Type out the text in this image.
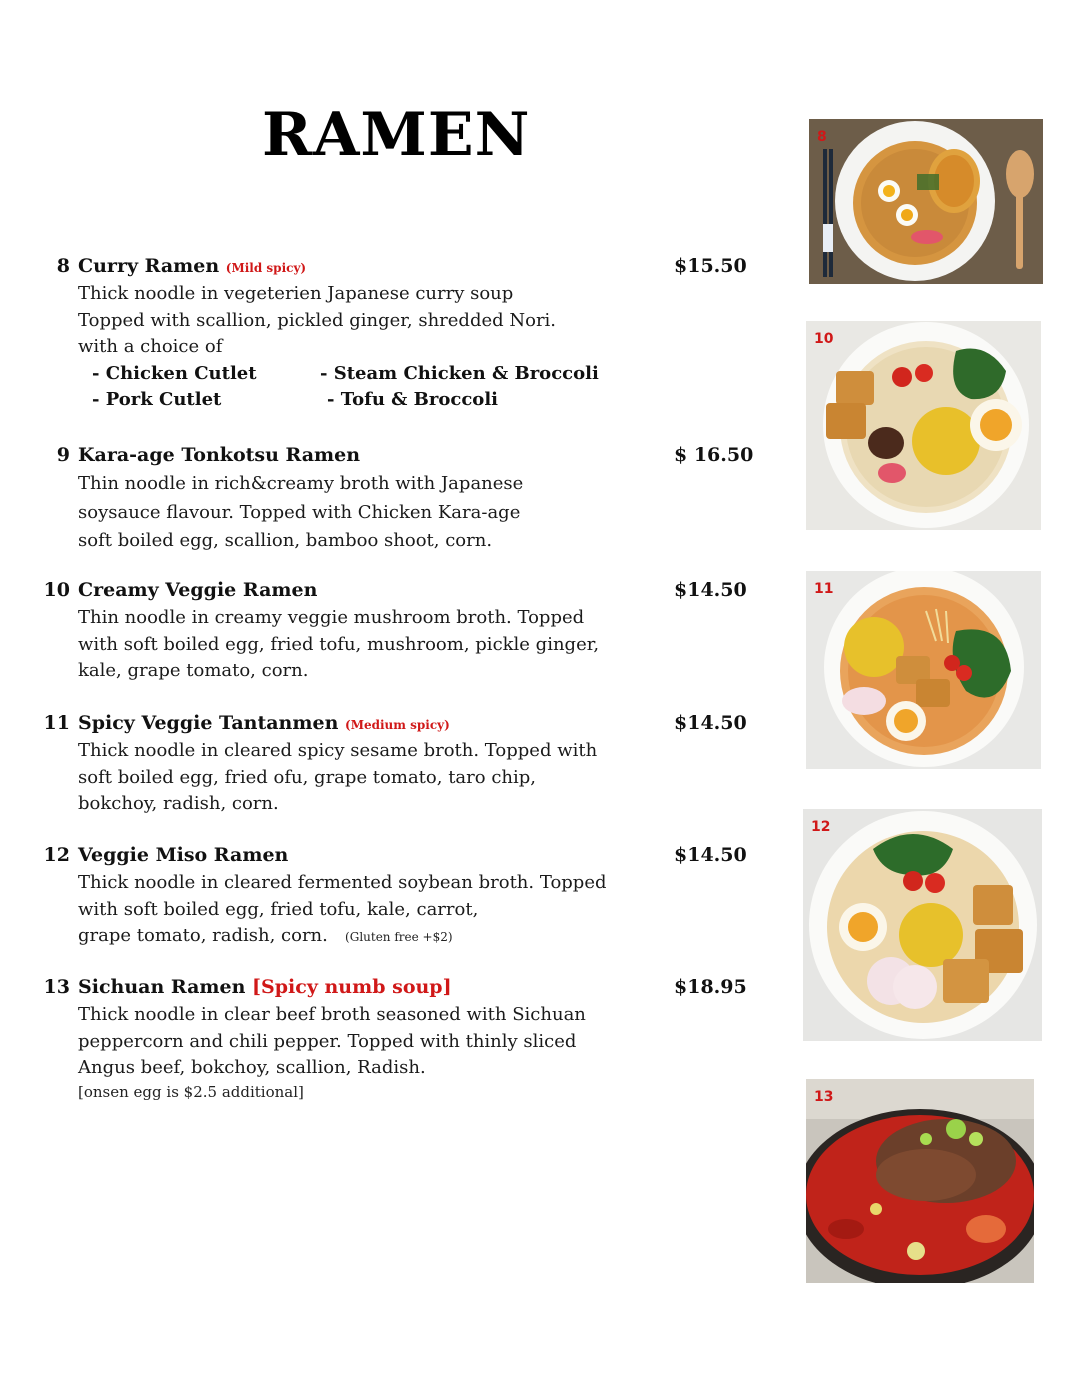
RAMEN
8 Curry Ramen (Mild spicy)	$15.50
Thick noodle in vegeterien Japanese curry soup
Topped with scallion, pickled ginger, shredded Nori.
with a choice of
- Chicken Cutlet	- Steam Chicken & Broccoli
- Pork Cutlet	- Tofu & Broccoli
9 Kara-age Tonkotsu Ramen	$ 16.50
Thin noodle in rich&creamy broth with Japanese
soysauce flavour. Topped with Chicken Kara-age
soft boiled egg, scallion, bamboo shoot, corn.
10 Creamy Veggie Ramen	$14.50
Thin noodle in creamy veggie mushroom broth. Topped
with soft boiled egg, fried tofu, mushroom, pickle ginger,
kale, grape tomato, corn.
11 Spicy Veggie Tantanmen (Medium spicy)	$14.50
Thick noodle in cleared spicy sesame broth. Topped with
soft boiled egg, fried ofu, grape tomato, taro chip,
bokchoy, radish, corn.
12 Veggie Miso Ramen	$14.50
Thick noodle in cleared fermented soybean broth. Topped
with soft boiled egg, fried tofu, kale, carrot,
grape tomato, radish, corn. (Gluten free +$2)
13 Sichuan Ramen [Spicy numb soup]	$18.95
Thick noodle in clear beef broth seasoned with Sichuan
peppercorn and chili pepper. Topped with thinly sliced
Angus beef, bokchoy, scallion, Radish.
[onsen egg is $2.5 additional]
8
10
11
12
13
